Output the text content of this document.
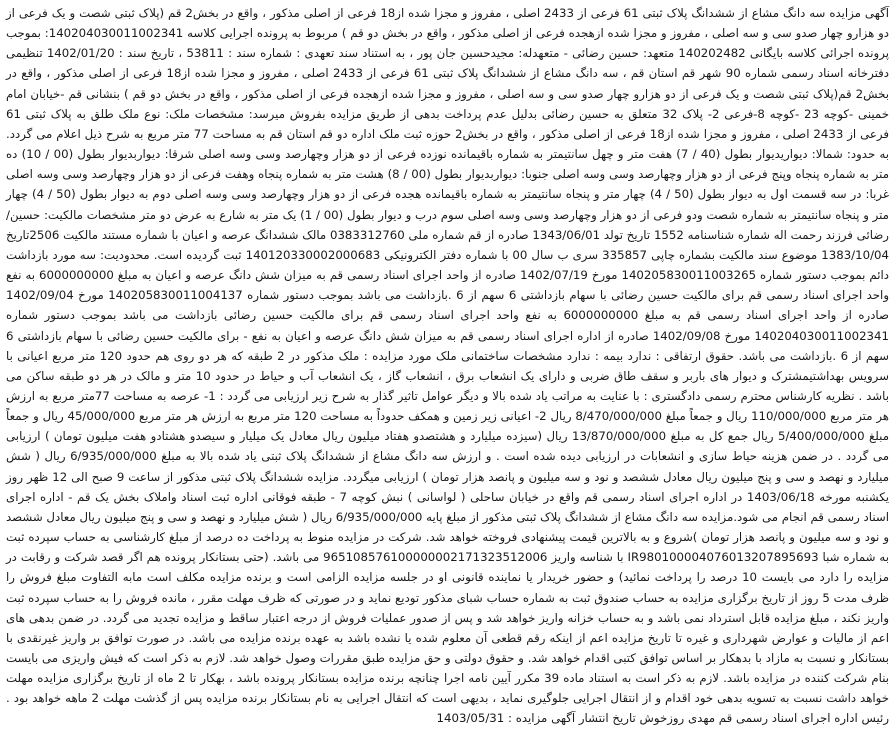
آگهی مزایده سه دانگ مشاع از ششدانگ پلاک ثبتی 61 فرعی از 2433 اصلی ، مفروز و مجزا شده از18 فرعی از اصلی مذکور ، واقع در بخش2 قم (پلاک ثبتی شصت و یک فرعی از دو هزارو چهار صدو سی و سه اصلی ، مفروز و مجزا شده ازهجده فرعی از اصلی مذکور ، واقع در بخش دو قم ) مربوط به پرونده اجرایی کلاسه 140204030011002341: بموجب پرونده اجرائی کلاسه بایگانی 140202482 متعهد: حسین رضائی - متعهدله: مجیدحسین جان پور ، به استناد سند تعهدی : شماره سند : 53811 ، تاریخ سند : 1402/01/20 تنظیمی دفترخانه اسناد رسمی شماره 90 شهر قم استان قم ، سه دانگ مشاع از ششدانگ پلاک ثبتی 61 فرعی از 2433 اصلی ، مفروز و مجزا شده از18 فرعی از اصلی مذکور ، واقع در بخش2 قم(پلاک ثبتی شصت و یک فرعی از دو هزارو چهار صدو سی و سه اصلی ، مفروز و مجزا شده ازهجده فرعی از اصلی مذکور ، واقع در بخش دو قم ) بنشانی قم -خیابان امام خمینی -کوچه 23 -کوچه 8-فرعی 2- پلاک 32 متعلق به حسین رضائی بدلیل عدم پرداخت بدهی از طریق مزایده بفروش میرسد: مشخصات ملک: نوع ملک طلق به پلاک ثبتی 61 فرعی از 2433 اصلی ، مفروز و مجزا شده از18 فرعی از اصلی مذکور ، واقع در بخش2 حوزه ثبت ملک اداره دو قم استان قم به مساحت 77 متر مربع به شرح ذیل اعلام می گردد. به حدود: شمالا: دیواریدیوار بطول (40 / 7) هفت متر و چهل سانتیمتر به شماره باقیمانده نوزده فرعی از دو هزار وچهارصد وسی وسه اصلی شرقا: دیواربدیوار بطول (00 / 10) ده متر به شماره پنجاه وپنج فرعی از دو هزار وچهارصد وسی وسه اصلی جنوبا: دیواربدیوار بطول (00 / 8) هشت متر به شماره پنجاه وهفت فرعی از دو هزار وچهارصد وسی وسه اصلی غربا: در سه قسمت اول به دیوار بطول (50 / 4) چهار متر و پنجاه سانتیمتر به شماره باقیمانده هجده فرعی از دو هزار وچهارصد وسی وسه اصلی دوم به دیوار بطول (50 / 4) چهار متر و پنجاه سانتیمتر به شماره شصت ودو فرعی از دو هزار وچهارصد وسی وسه اصلی سوم درب و دیوار بطول (00 / 1) یک متر به شارع به عرض دو متر مشخصات مالکیت: حسین/رضائی فرزند رحمت اله شماره شناسنامه 1552 تاریخ تولد 1343/06/01 صادره از قم شماره ملی 0383312760 مالک ششدانگ عرصه و اعیان با شماره مستند مالکیت 2506تاریخ 1383/10/04 موضوع سند مالکیت بشماره چاپی 335857 سری ب سال 00 با شماره دفتر الکترونیکی 140120330002000683 ثبت گردیده است. محدودیت: سه مورد بازداشت دائم بموجب دستور شماره 140205830011003265 مورخ 1402/07/19 صادره از واحد اجرای اسناد رسمی قم به میزان شش دانگ عرصه و اعیان به مبلغ 6000000000 به نفع واحد اجرای اسناد رسمی قم برای مالکیت حسین رضائی با سهام بازداشتی 6 سهم از 6 .بازداشت می باشد بموجب دستور شماره 140205830011004137 مورخ 1402/09/04 صادره از واحد اجرای اسناد رسمی قم به مبلغ 6000000000 به نفع واحد اجرای اسناد رسمی قم برای مالکیت حسین رضائی بازداشت می باشد بموجب دستور شماره 140204030011002341 مورخ 1402/09/08 صادره از اداره اجرای اسناد رسمی قم به میزان شش دانگ عرصه و اعیان به نفع - برای مالکیت حسین رضائی با سهام بازداشتی 6 سهم از 6 .بازداشت می باشد. حقوق ارتفاقی : ندارد بیمه : ندارد مشخصات ساختمانی ملک مورد مزایده : ملک مذکور در 2 طبقه که هر دو روی هم حدود 120 متر مربع اعیانی با سرویس بهداشتیمشترک و دیوار های باربر و سقف طاق ضربی و دارای یک انشعاب برق ، انشعاب گاز ، یک انشعاب آب و حیاط در حدود 10 متر و مالک در هر دو طبقه ساکن می باشد . نظریه کارشناس محترم رسمی دادگستری : با عنایت به مراتب یاد شده بالا و دیگر عوامل تاثیر گذار به شرح زیر ارزیابی می گردد : 1- عرصه به مساحت 77متر مربع به ارزش هر متر مربع 110/000/000 ریال و جمعاً مبلغ 8/470/000/000 ریال 2- اعیانی زیر زمین و همکف حدوداً به مساحت 120 متر مربع به ارزش هر متر مربع 45/000/000 ریال و جمعاً مبلغ 5/400/000/000 ریال جمع کل به مبلغ 13/870/000/000 ریال (سیزده میلیارد و هشتصدو هفتاد میلیون ریال معادل یک میلیار و سیصدو هشتادو هفت میلیون تومان ) ارزیابی می گردد . در ضمن هزینه حیاط سازی و انشعابات در ارزیابی دیده شده است . و ارزش سه دانگ مشاع از ششدانگ پلاک ثبتی یاد شده بالا به مبلغ 6/935/000/000 ریال ( شش میلیارد و نهصد و سی و پنج میلیون ریال معادل ششصد و نود و سه میلیون و پانصد هزار تومان ) ارزیابی میگردد. مزایده ششدانگ پلاک ثبتی مذکور از ساعت 9 صبح الی 12 ظهر روز یکشنبه مورخه 1403/06/18 در اداره اجرای اسناد رسمی قم واقع در خیابان ساحلی ( لواسانی ) نبش کوچه 7 - طبقه فوقانی اداره ثبت اسناد واملاک بخش یک قم - اداره اجرای اسناد رسمی قم انجام می شود.مزایده سه دانگ مشاع از ششدانگ پلاک ثبتی مذکور از مبلغ پایه 6/935/000/000 ریال ( شش میلیارد و نهصد و سی و پنج میلیون ریال معادل ششصد و نود و سه میلیون و پانصد هزار تومان )شروع و به بالاترین قیمت پیشنهادی فروخته خواهد شد. شرکت در مزایده منوط به پرداخت ده درصد از مبلغ کارشناسی به حساب سپرده ثبت به شماره شبا IR980100004076013207895693 با شناسه واریز 965108576100000002171323512006 می باشد. (حتی بستانکار پرونده هم اگر قصد شرکت و رقابت در مزایده را دارد می بایست 10 درصد را پرداخت نمائید) و حضور خریدار یا نماینده قانونی او در جلسه مزایده الزامی است و برنده مزایده مکلف است مابه التفاوت مبلغ فروش را ظرف مدت 5 روز از تاریخ برگزاری مزایده به حساب صندوق ثبت به شماره حساب شبای مذکور تودیع نماید و در صورتی که ظرف مهلت مقرر ، مانده فروش را به حساب سپرده ثبت واریز نکند ، مبلغ مزایده قابل استرداد نمی باشد و به حساب خزانه واریز خواهد شد و پس از صدور عملیات فروش از درجه اعتبار ساقط و مزایده تجدید می گردد. در ضمن بدهی های اعم از مالیات و عوارض شهرداری و غیره تا تاریخ مزایده اعم از اینکه رقم قطعی آن معلوم شده یا نشده باشد به عهده برنده مزایده می باشد. در صورت توافق بر واریز غیرنقدی با بستانکار و نسبت به مازاد با بدهکار بر اساس توافق کتبی اقدام خواهد شد. و حقوق دولتی و حق مزایده طبق مقررات وصول خواهد شد. لازم به ذکر است که فیش واریزی می بایست بنام شرکت کننده در مزایده باشد. لازم به ذکر است به استناد ماده 39 مکرر آیین نامه اجرا چنانچه برنده مزایده بستانکار پرونده باشد ، بهکار تا 2 ماه از تاریخ برگزاری مزایده مهلت خواهد داشت نسبت به تسویه بدهی خود اقدام و از انتقال اجرایی جلوگیری نماید ، بدیهی است که انتقال اجرایی به نام بستانکار برنده مزایده پس از گذشت مهلت 2 ماهه خواهد بود . رئیس اداره اجرای اسناد رسمی قم مهدی روزخوش تاریخ انتشار آگهی مزایده : 1403/05/31
